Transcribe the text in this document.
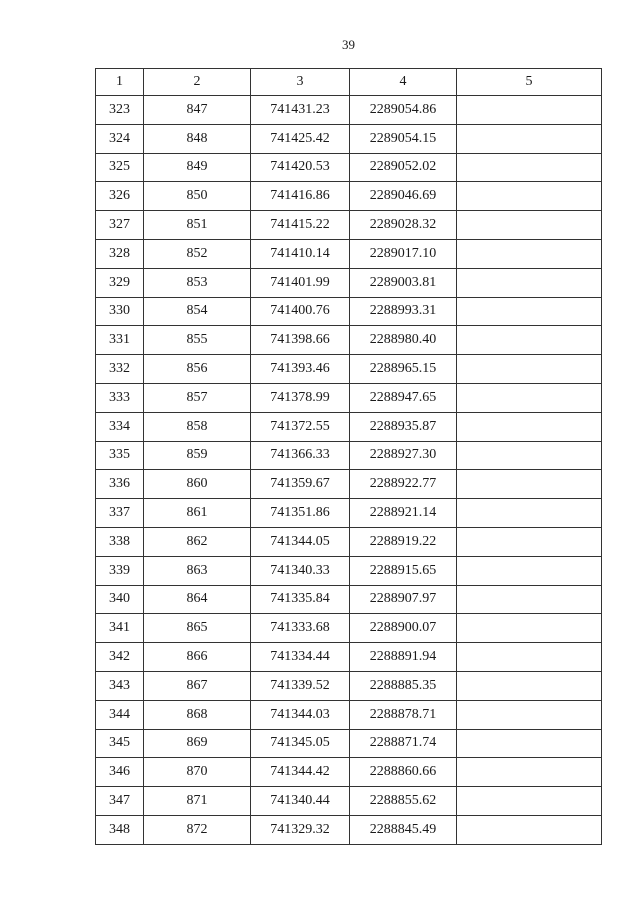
39
1	2	3	4	5
323	847	741431.23	2289054.86	
324	848	741425.42	2289054.15	
325	849	741420.53	2289052.02	
326	850	741416.86	2289046.69	
327	851	741415.22	2289028.32	
328	852	741410.14	2289017.10	
329	853	741401.99	2289003.81	
330	854	741400.76	2288993.31	
331	855	741398.66	2288980.40	
332	856	741393.46	2288965.15	
333	857	741378.99	2288947.65	
334	858	741372.55	2288935.87	
335	859	741366.33	2288927.30	
336	860	741359.67	2288922.77	
337	861	741351.86	2288921.14	
338	862	741344.05	2288919.22	
339	863	741340.33	2288915.65	
340	864	741335.84	2288907.97	
341	865	741333.68	2288900.07	
342	866	741334.44	2288891.94	
343	867	741339.52	2288885.35	
344	868	741344.03	2288878.71	
345	869	741345.05	2288871.74	
346	870	741344.42	2288860.66	
347	871	741340.44	2288855.62	
348	872	741329.32	2288845.49	
